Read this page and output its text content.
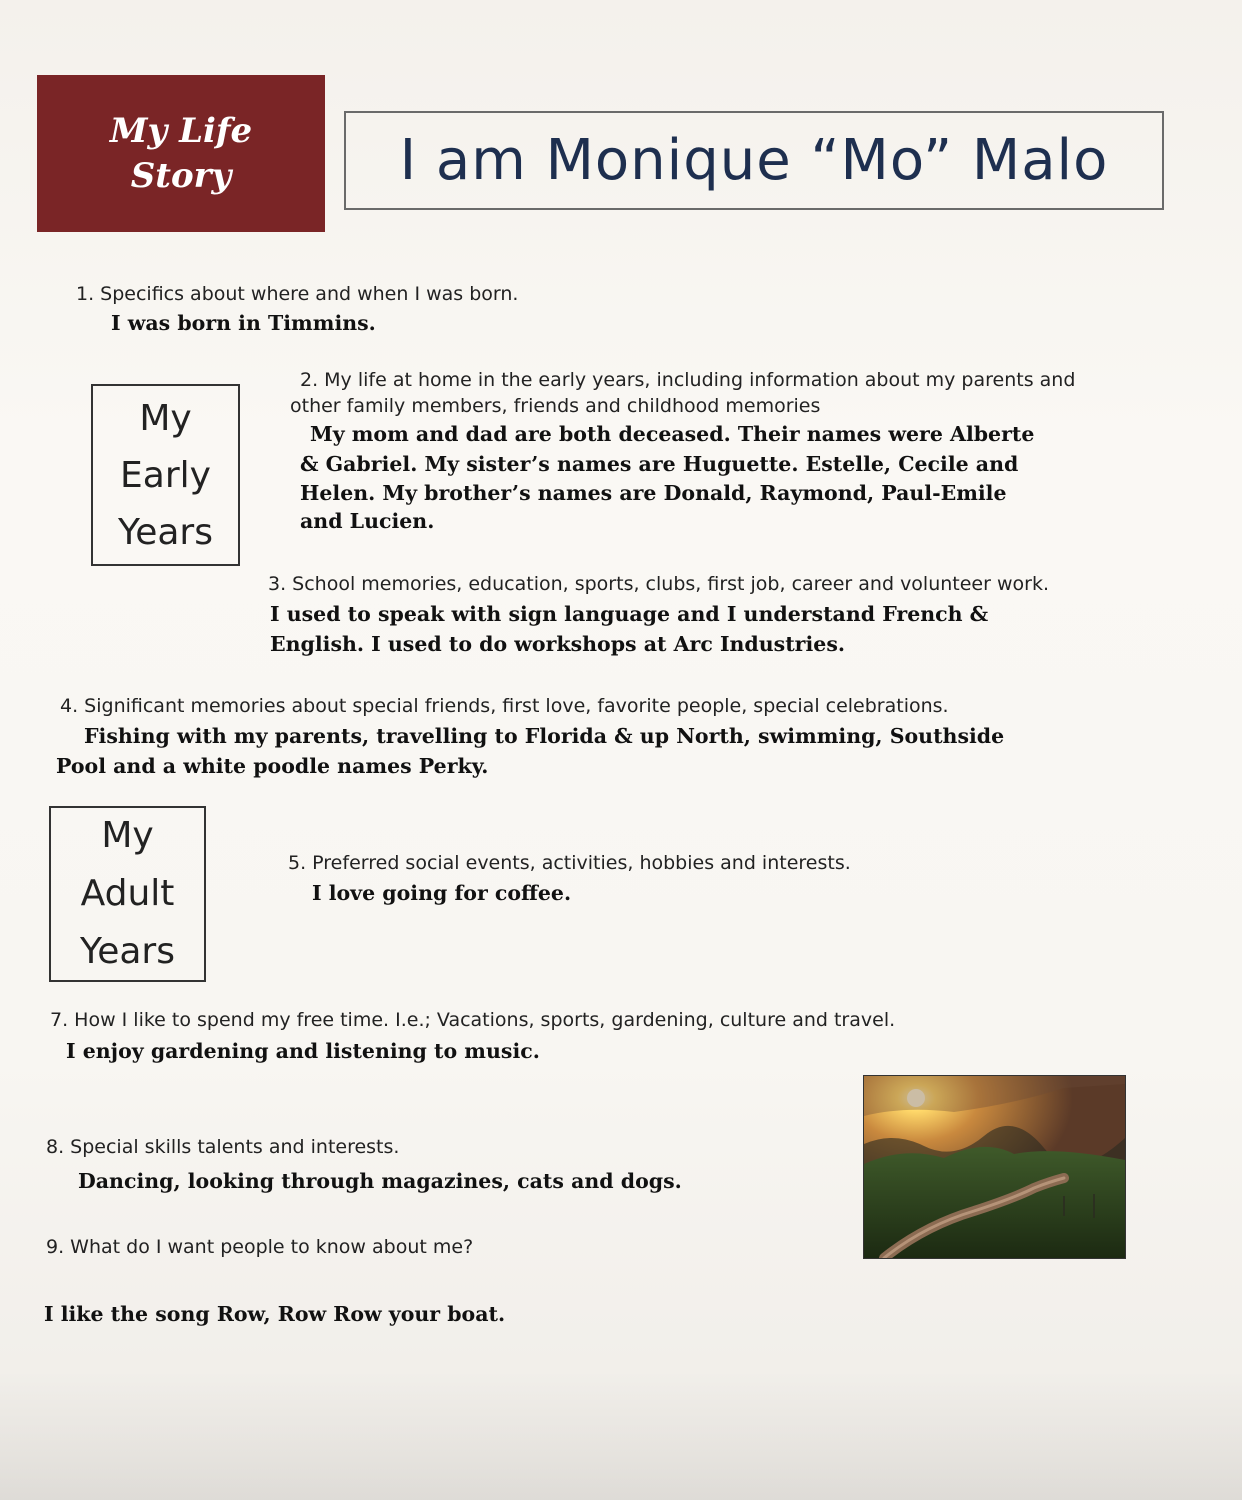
My Life
Story	I am Monique “Mo” Malo
My
Early
Years
My
Adult
Years
1. Specifics about where and when I was born.
I was born in Timmins.
2. My life at home in the early years, including information about my parents and
other family members, friends and childhood memories
My mom and dad are both deceased. Their names were Alberte
& Gabriel. My sister’s names are Huguette. Estelle, Cecile and
Helen. My brother’s names are Donald, Raymond, Paul-Emile
and Lucien.
3. School memories, education, sports, clubs, first job, career and volunteer work.
I used to speak with sign language and I understand French &
English. I used to do workshops at Arc Industries.
4. Significant memories about special friends, first love, favorite people, special celebrations.
Fishing with my parents, travelling to Florida & up North, swimming, Southside
Pool and a white poodle names Perky.
5. Preferred social events, activities, hobbies and interests.
I love going for coffee.
7. How I like to spend my free time. I.e.; Vacations, sports, gardening, culture and travel.
I enjoy gardening and listening to music.
8. Special skills talents and interests.
Dancing, looking through magazines, cats and dogs.
9. What do I want people to know about me?
I like the song Row, Row Row your boat.
